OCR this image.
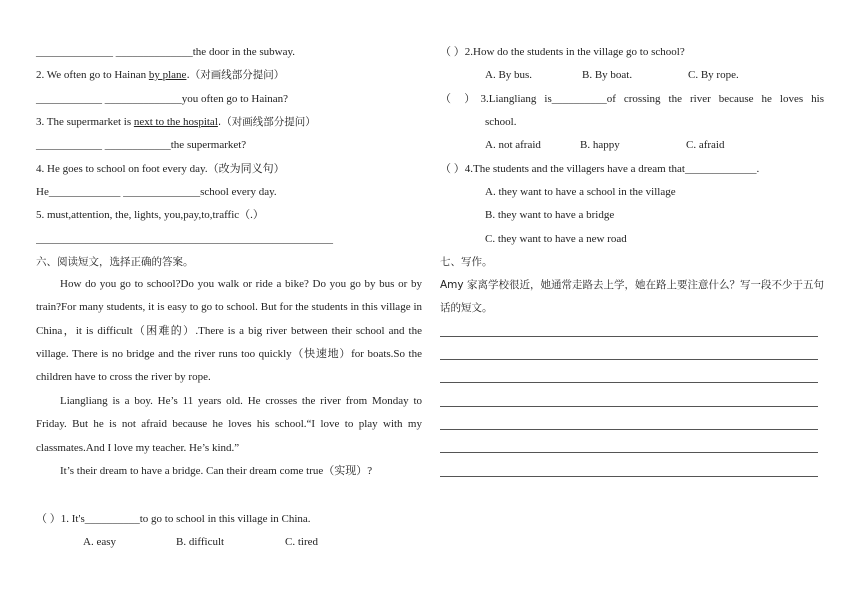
______________ ______________the door in the subway.
2. We often go to Hainan by plane.（对画线部分提问）
____________ ______________you often go to Hainan?
3. The supermarket is next to the hospital.（对画线部分提问）
____________ ____________the supermarket?
4. He goes to school on foot every day.（改为同义句）
He_____________ ______________school every day.
5. must,attention, the, lights, you,pay,to,traffic（.）
______________________________________________________
六、阅读短文，选择正确的答案。
How do you go to school?Do you walk or ride a bike? Do you go by bus or by train?For many students, it is easy to go to school. But for the students in this village in China，it is difficult（困难的）.There is a big river between their school and the village. There is no bridge and the river runs too quickly（快速地）for boats.So the children have to cross the river by rope.
Liangliang is a boy. He’s 11 years old. He crosses the river from Monday to Friday. But he is not afraid because he loves his school.“I love to play with my classmates.And I love my teacher. He’s kind.”
It’s their dream to have a bridge. Can their dream come true（实现）?
（ ）1. It's__________to go to school in this village in China.
A. easy	B. difficult	C. tired
（ ）2.How do the students in the village go to school?
A. By bus.	B. By boat.	C. By rope.
（ ）3.Liangliang is__________of crossing the river because he loves his
school.
A. not afraid	B. happy	C. afraid
（ ）4.The students and the villagers have a dream that_____________.
A. they want to have a school in the village
B. they want to have a bridge
C. they want to have a new road
七、写作。
Amy 家离学校很近，她通常走路去上学，她在路上要注意什么？写一段不少于五句话的短文。
